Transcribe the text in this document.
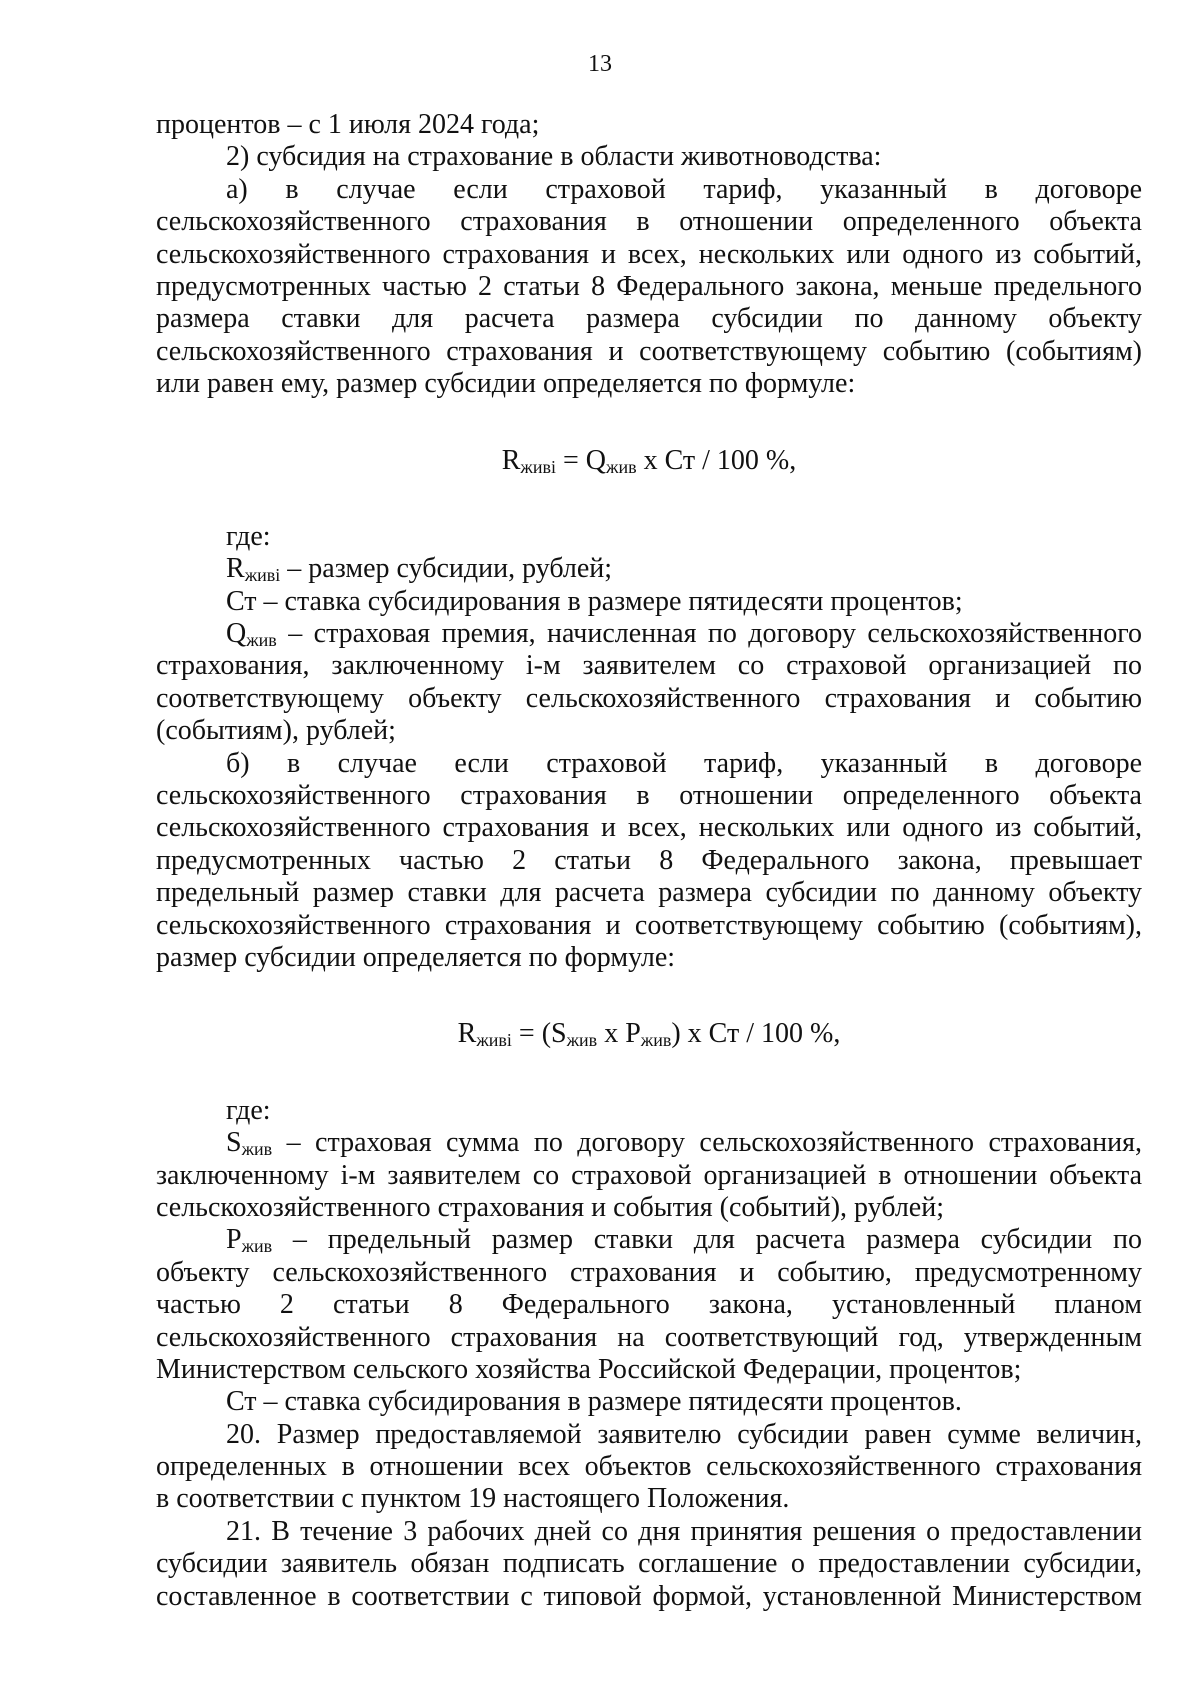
13
процентов – с 1 июля 2024 года;
2) субсидия на страхование в области животноводства:
а) в случае если страховой тариф, указанный в договоре
сельскохозяйственного страхования в отношении определенного объекта
сельскохозяйственного страхования и всех, нескольких или одного из событий,
предусмотренных частью 2 статьи 8 Федерального закона, меньше предельного
размера ставки для расчета размера субсидии по данному объекту
сельскохозяйственного страхования и соответствующему событию (событиям)
или равен ему, размер субсидии определяется по формуле:
$R_{живi} = Q_{жив}$ х Ст / 100 %,
где:
$R_{живi}$ – размер субсидии, рублей;
Ст – ставка субсидирования в размере пятидесяти процентов;
$Q_{жив}$ – страховая премия, начисленная по договору сельскохозяйственного
страхования, заключенному i-м заявителем со страховой организацией по
соответствующему объекту сельскохозяйственного страхования и событию
(событиям), рублей;
б) в случае если страховой тариф, указанный в договоре
сельскохозяйственного страхования в отношении определенного объекта
сельскохозяйственного страхования и всех, нескольких или одного из событий,
предусмотренных частью 2 статьи 8 Федерального закона, превышает
предельный размер ставки для расчета размера субсидии по данному объекту
сельскохозяйственного страхования и соответствующему событию (событиям),
размер субсидии определяется по формуле:
$R_{живi} = (S_{жив}$ х $P_{жив}$) х Ст / 100 %,
где:
$S_{жив}$ – страховая сумма по договору сельскохозяйственного страхования,
заключенному i-м заявителем со страховой организацией в отношении объекта
сельскохозяйственного страхования и события (событий), рублей;
$P_{жив}$ – предельный размер ставки для расчета размера субсидии по
объекту сельскохозяйственного страхования и событию, предусмотренному
частью 2 статьи 8 Федерального закона, установленный планом
сельскохозяйственного страхования на соответствующий год, утвержденным
Министерством сельского хозяйства Российской Федерации, процентов;
Ст – ставка субсидирования в размере пятидесяти процентов.
20. Размер предоставляемой заявителю субсидии равен сумме величин,
определенных в отношении всех объектов сельскохозяйственного страхования
в соответствии с пунктом 19 настоящего Положения.
21. В течение 3 рабочих дней со дня принятия решения о предоставлении
субсидии заявитель обязан подписать соглашение о предоставлении субсидии,
составленное в соответствии с типовой формой, установленной Министерством
